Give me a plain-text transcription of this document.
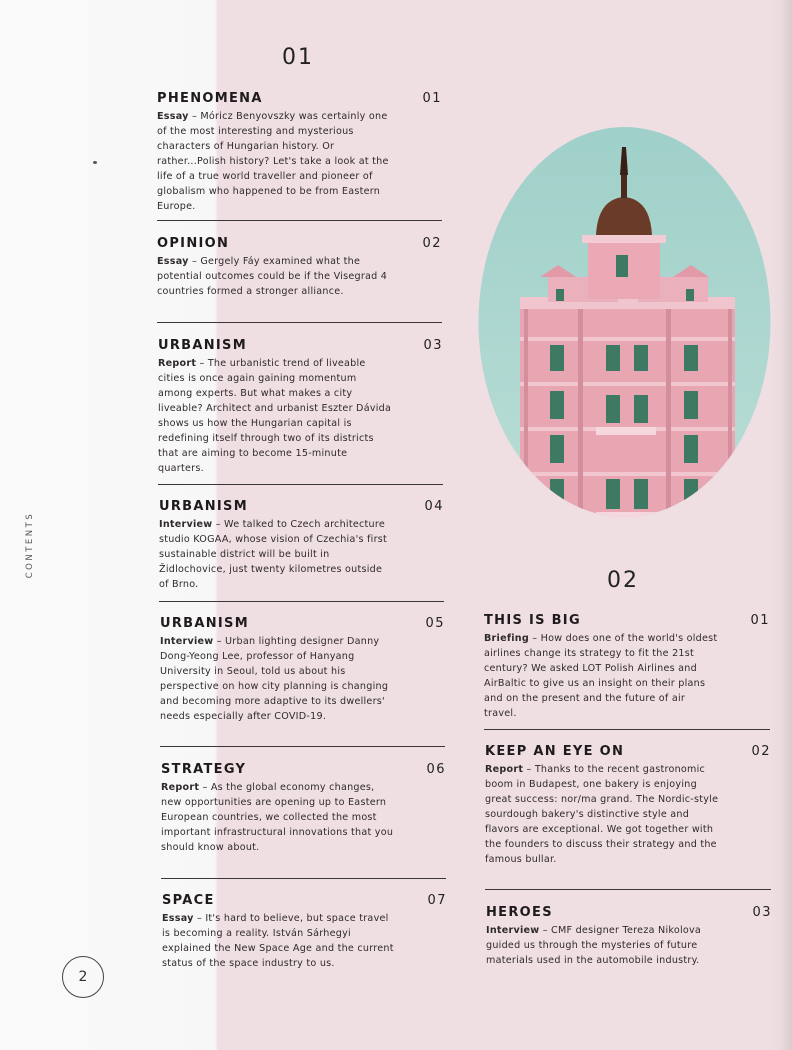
01
PHENOMENA	01
Essay – Móricz Benyovszky was certainly one of the most interesting and mysterious characters of Hungarian history. Or rather...Polish history? Let's take a look at the life of a true world traveller and pioneer of globalism who happened to be from Eastern Europe.
OPINION	02
Essay – Gergely Fáy examined what the potential outcomes could be if the Visegrad 4 countries formed a stronger alliance.
URBANISM	03
Report – The urbanistic trend of liveable cities is once again gaining momentum among experts. But what makes a city liveable? Architect and urbanist Eszter Dávida shows us how the Hungarian capital is redefining itself through two of its districts that are aiming to become 15-minute quarters.
URBANISM	04
Interview – We talked to Czech architecture studio KOGAA, whose vision of Czechia's first sustainable district will be built in Židlochovice, just twenty kilometres outside of Brno.
URBANISM	05
Interview – Urban lighting designer Danny Dong-Yeong Lee, professor of Hanyang University in Seoul, told us about his perspective on how city planning is changing and becoming more adaptive to its dwellers' needs especially after COVID-19.
STRATEGY	06
Report – As the global economy changes, new opportunities are opening up to Eastern European countries, we collected the most important infrastructural innovations that you should know about.
SPACE	07
Essay – It's hard to believe, but space travel is becoming a reality. István Sárhegyi explained the New Space Age and the current status of the space industry to us.
CONTENTS
2
02
THIS IS BIG	01
Briefing – How does one of the world's oldest airlines change its strategy to fit the 21st century? We asked LOT Polish Airlines and AirBaltic to give us an insight on their plans and on the present and the future of air travel.
KEEP AN EYE ON	02
Report – Thanks to the recent gastronomic boom in Budapest, one bakery is enjoying great success: nor/ma grand. The Nordic-style sourdough bakery's distinctive style and flavors are exceptional. We got together with the founders to discuss their strategy and the famous bullar.
HEROES	03
Interview – CMF designer Tereza Nikolova guided us through the mysteries of future materials used in the automobile industry.
